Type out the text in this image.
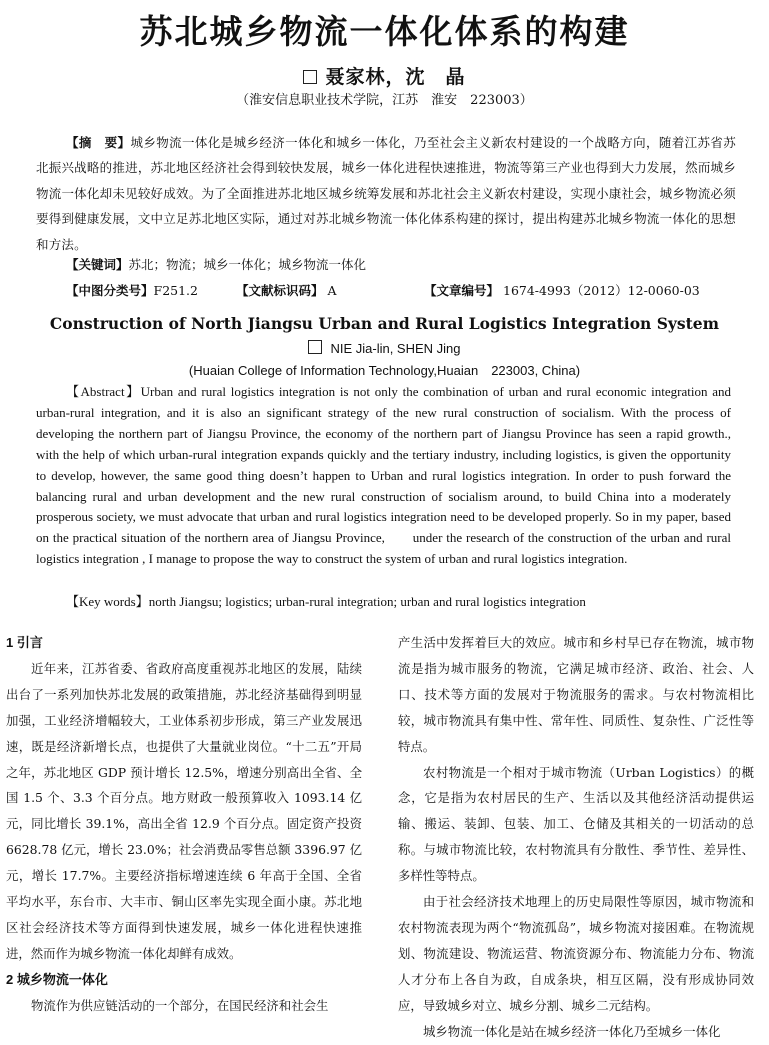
苏北城乡物流一体化体系的构建
聂家林，沈　晶
（淮安信息职业技术学院，江苏　淮安　223003）

【摘　要】城乡物流一体化是城乡经济一体化和城乡一体化，乃至社会主义新农村建设的一个战略方向，随着江苏省苏北振兴战略的推进，苏北地区经济社会得到较快发展，城乡一体化进程快速推进，物流等第三产业也得到大力发展，然而城乡物流一体化却未见较好成效。为了全面推进苏北地区城乡统筹发展和苏北社会主义新农村建设，实现小康社会，城乡物流必须要得到健康发展，文中立足苏北地区实际，通过对苏北城乡物流一体化体系构建的探讨，提出构建苏北城乡物流一体化的思想和方法。

【关键词】苏北；物流；城乡一体化；城乡物流一体化
【中图分类号】F251.2	【文献标识码】 A	【文章编号】 1674-4993（2012）12-0060-03
Construction of North Jiangsu Urban and Rural Logistics Integration System
NIE Jia-lin, SHEN Jing
(Huaian College of Information Technology,Huaian　223003, China)

【Abstract】Urban and rural logistics integration is not only the combination of urban and rural economic integration and urban-rural integration, and it is also an significant strategy of the new rural construction of socialism. With the process of developing the northern part of Jiangsu Province, the economy of the northern part of Jiangsu Province has seen a rapid growth., with the help of which urban-rural integration expands quickly and the tertiary industry, including logistics, is given the opportunity to develop, however, the same good thing doesn’t happen to Urban and rural logistics integration. In order to push forward the balancing rural and urban development and the new rural construction of socialism around, to build China into a moderately prosperous society, we must advocate that urban and rural logistics integration need to be developed properly. So in my paper, based on the practical situation of the northern area of Jiangsu Province,　　under the research of the construction of the urban and rural logistics integration , I manage to propose the way to construct the system of urban and rural logistics integration.

【Key words】north Jiangsu; logistics; urban-rural integration; urban and rural logistics integration

1 引言

近年来，江苏省委、省政府高度重视苏北地区的发展，陆续出台了一系列加快苏北发展的政策措施，苏北经济基础得到明显加强，工业经济增幅较大，工业体系初步形成，第三产业发展迅速，既是经济新增长点，也提供了大量就业岗位。“十二五”开局之年，苏北地区 GDP 预计增长 12.5%，增速分别高出全省、全国 1.5 个、3.3 个百分点。地方财政一般预算收入 1093.14 亿元，同比增长 39.1%，高出全省 12.9 个百分点。固定资产投资 6628.78 亿元，增长 23.0%；社会消费品零售总额 3396.97 亿元，增长 17.7%。主要经济指标增速连续 6 年高于全国、全省平均水平，东台市、大丰市、铜山区率先实现全面小康。苏北地区社会经济技术等方面得到快速发展，城乡一体化进程快速推进，然而作为城乡物流一体化却鲜有成效。

2 城乡物流一体化

物流作为供应链活动的一个部分，在国民经济和社会生

产生活中发挥着巨大的效应。城市和乡村早已存在物流，城市物流是指为城市服务的物流，它满足城市经济、政治、社会、人口、技术等方面的发展对于物流服务的需求。与农村物流相比较，城市物流具有集中性、常年性、同质性、复杂性、广泛性等特点。

农村物流是一个相对于城市物流（Urban Logistics）的概念，它是指为农村居民的生产、生活以及其他经济活动提供运输、搬运、装卸、包装、加工、仓储及其相关的一切活动的总称。与城市物流比较，农村物流具有分散性、季节性、差异性、多样性等特点。

由于社会经济技术地理上的历史局限性等原因，城市物流和农村物流表现为两个“物流孤岛”，城乡物流对接困难。在物流规划、物流建设、物流运营、物流资源分布、物流能力分布、物流人才分布上各自为政，自成条块，相互区隔，没有形成协同效应，导致城乡对立、城乡分割、城乡二元结构。

城乡物流一体化是站在城乡经济一体化乃至城乡一体化
